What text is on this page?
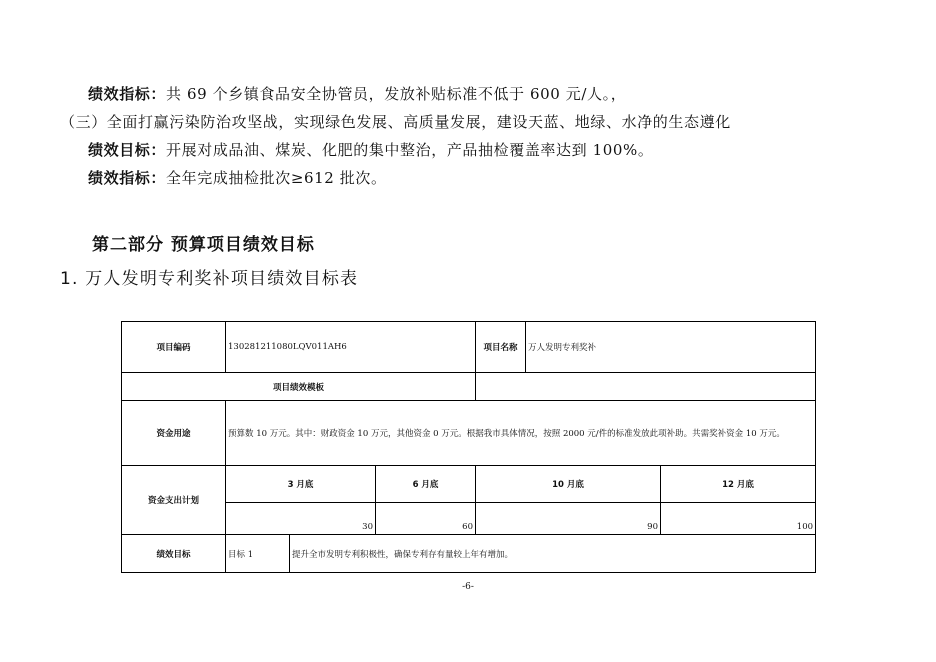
绩效指标：共 69 个乡镇食品安全协管员，发放补贴标准不低于 600 元/人。，
（三）全面打赢污染防治攻坚战，实现绿色发展、高质量发展，建设天蓝、地绿、水净的生态遵化
绩效目标：开展对成品油、煤炭、化肥的集中整治，产品抽检覆盖率达到 100%。
绩效指标：全年完成抽检批次≥612 批次。
第二部分 预算项目绩效目标
1. 万人发明专利奖补项目绩效目标表
项目编码	130281211080LQV011AH6			项目名称	万人发明专利奖补	
项目绩效模板						
资金用途	预算数 10 万元。其中：财政资金 10 万元，其他资金 0 万元。根据我市具体情况，按照 2000 元/件的标准发放此项补助。共需奖补资金 10 万元。					
资金支出计划	3 月底		6 月底	10 月底		12 月底
	30		60	90		100
绩效目标	目标 1	提升全市发明专利积极性，确保专利存有量较上年有增加。				
-6-
